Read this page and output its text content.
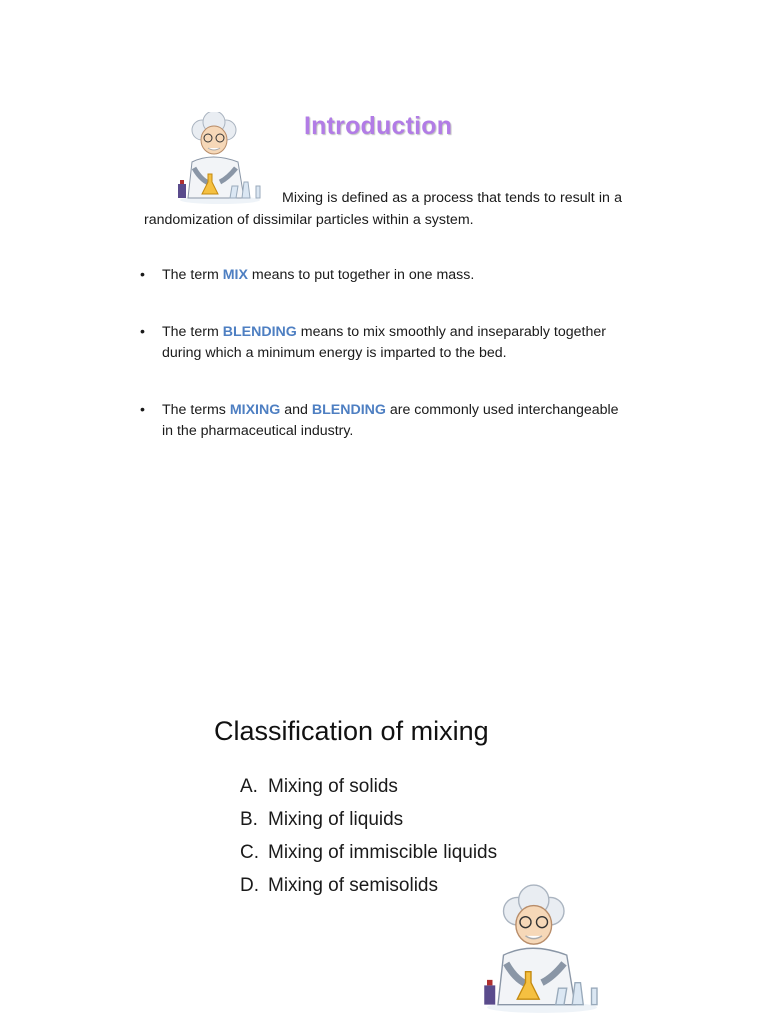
Introduction
Mixing is defined as a process that tends to result in a randomization of dissimilar particles within a system.
•	The term MIX means to put together in one mass.
•	The term BLENDING means to mix smoothly and inseparably together during which a minimum energy is imparted to the bed.
•	The terms MIXING and BLENDING are commonly used interchangeable in the pharmaceutical industry.
Classification of mixing
A. Mixing of solids
B. Mixing of liquids
C. Mixing of immiscible liquids
D. Mixing of semisolids
